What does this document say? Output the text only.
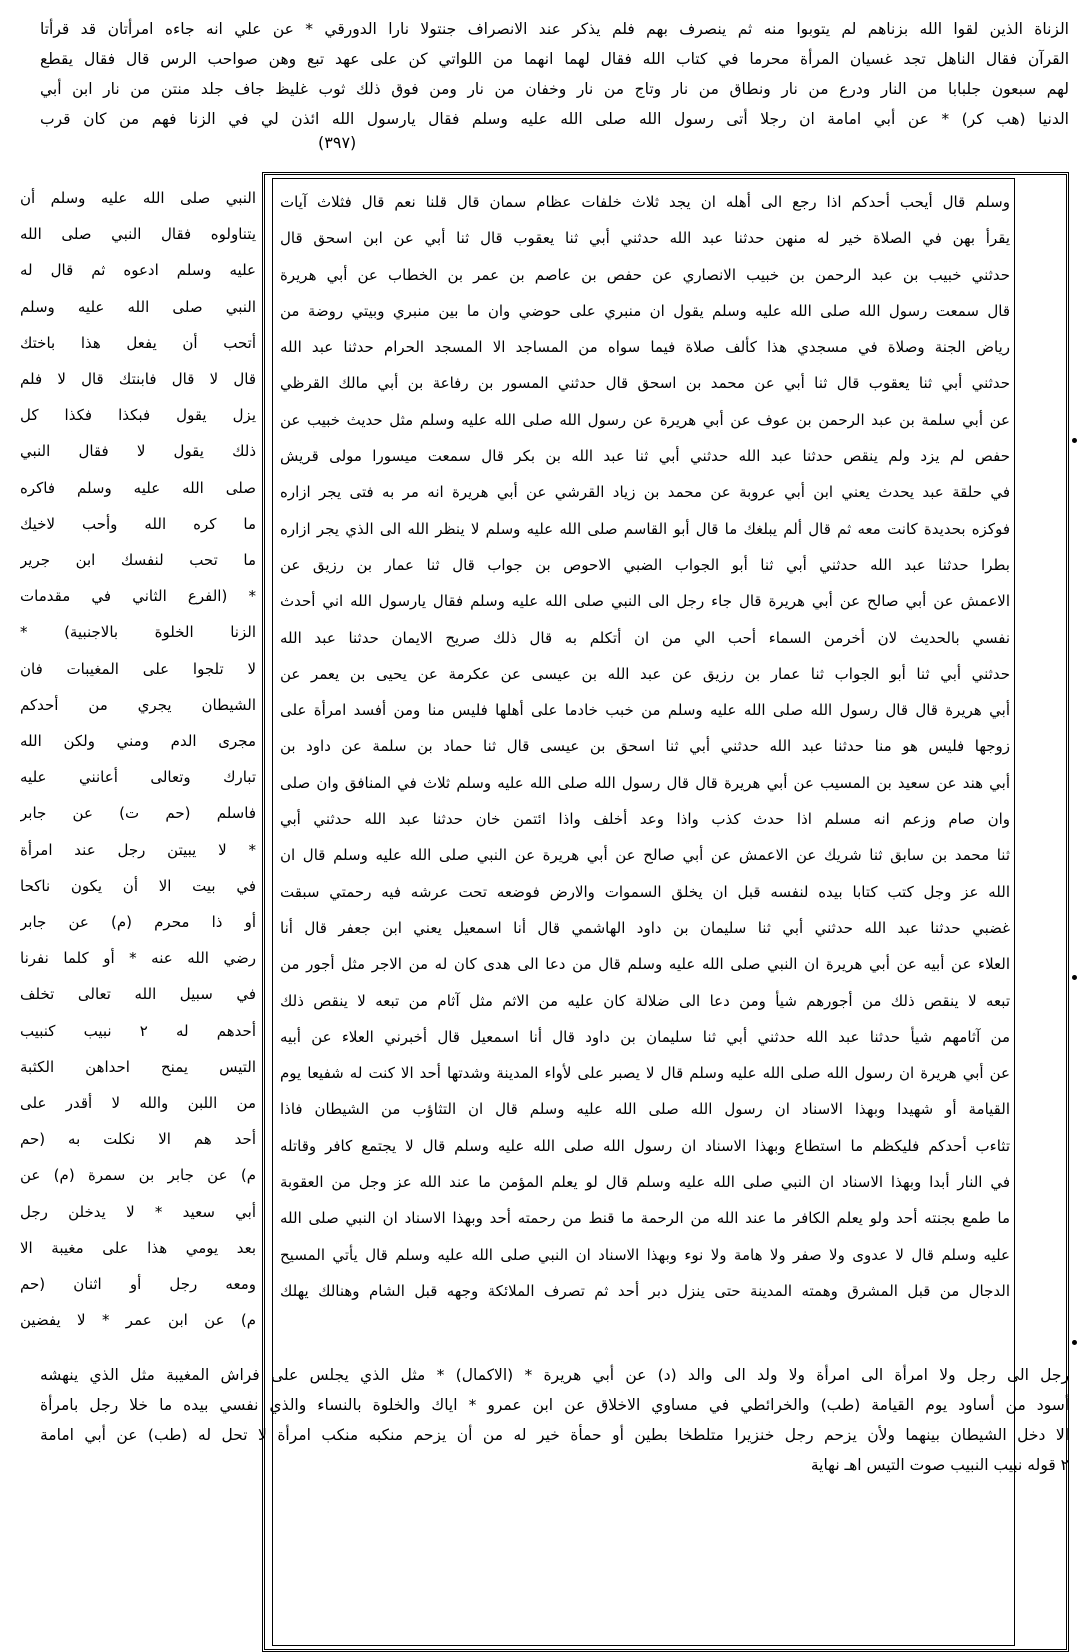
الزناة الذين لقوا الله بزناهم لم يتوبوا منه ثم ينصرف بهم فلم يذكر عند الانصراف جنتولا نارا الدورقي * عن علي انه جاءه امرأتان قد قرأتا

القرآن فقال الناهل تجد غسيان المرأة محرما في كتاب الله فقال لهما انهما من اللواتي كن على عهد تبع وهن صواحب الرس قال فقال يقطع

لهم سبعون جلبابا من النار ودرع من نار ونطاق من نار وتاج من نار وخفان من نار ومن فوق ذلك ثوب غليظ جاف جلد منتن من نار ابن أبي

الدنيا (هب كر) * عن أبي امامة ان رجلا أتى رسول الله صلى الله عليه وسلم فقال يارسول الله ائذن لي في الزنا فهم من كان قرب

(٣٩٧)

وسلم قال أيحب أحدكم اذا رجع الى أهله ان يجد ثلاث خلفات عظام سمان قال قلنا نعم قال فثلاث آيات

يقرأ بهن في الصلاة خير له منهن حدثنا عبد الله حدثني أبي ثنا يعقوب قال ثنا أبي عن ابن اسحق قال

حدثني خبيب بن عبد الرحمن بن خبيب الانصاري عن حفص بن عاصم بن عمر بن الخطاب عن أبي هريرة

قال سمعت رسول الله صلى الله عليه وسلم يقول ان منبري على حوضي وان ما بين منبري وبيتي روضة من

رياض الجنة وصلاة في مسجدي هذا كألف صلاة فيما سواه من المساجد الا المسجد الحرام حدثنا عبد الله

حدثني أبي ثنا يعقوب قال ثنا أبي عن محمد بن اسحق قال حدثني المسور بن رفاعة بن أبي مالك القرظي

عن أبي سلمة بن عبد الرحمن بن عوف عن أبي هريرة عن رسول الله صلى الله عليه وسلم مثل حديث خبيب عن

حفص لم يزد ولم ينقص حدثنا عبد الله حدثني أبي ثنا عبد الله بن بكر قال سمعت ميسورا مولى قريش

في حلقة عبد يحدث يعني ابن أبي عروبة عن محمد بن زياد القرشي عن أبي هريرة انه مر به فتى يجر ازاره

فوكزه بحديدة كانت معه ثم قال ألم يبلغك ما قال أبو القاسم صلى الله عليه وسلم لا ينظر الله الى الذي يجر ازاره

بطرا حدثنا عبد الله حدثني أبي ثنا أبو الجواب الضبي الاحوص بن جواب قال ثنا عمار بن رزيق عن

الاعمش عن أبي صالح عن أبي هريرة قال جاء رجل الى النبي صلى الله عليه وسلم فقال يارسول الله اني أحدث

نفسي بالحديث لان أخرمن السماء أحب الي من ان أتكلم به قال ذلك صريح الايمان حدثنا عبد الله

حدثني أبي ثنا أبو الجواب ثنا عمار بن رزيق عن عبد الله بن عيسى عن عكرمة عن يحيى بن يعمر عن

أبي هريرة قال قال رسول الله صلى الله عليه وسلم من خبب خادما على أهلها فليس منا ومن أفسد امرأة على

زوجها فليس هو منا حدثنا عبد الله حدثني أبي ثنا اسحق بن عيسى قال ثنا حماد بن سلمة عن داود بن

أبي هند عن سعيد بن المسيب عن أبي هريرة قال قال رسول الله صلى الله عليه وسلم ثلاث في المنافق وان صلى

وان صام وزعم انه مسلم اذا حدث كذب واذا وعد أخلف واذا ائتمن خان حدثنا عبد الله حدثني أبي

ثنا محمد بن سابق ثنا شريك عن الاعمش عن أبي صالح عن أبي هريرة عن النبي صلى الله عليه وسلم قال ان

الله عز وجل كتب كتابا بيده لنفسه قبل ان يخلق السموات والارض فوضعه تحت عرشه فيه رحمتي سبقت

غضبي حدثنا عبد الله حدثني أبي ثنا سليمان بن داود الهاشمي قال أنا اسمعيل يعني ابن جعفر قال أنا

العلاء عن أبيه عن أبي هريرة ان النبي صلى الله عليه وسلم قال من دعا الى هدى كان له من الاجر مثل أجور من

تبعه لا ينقص ذلك من أجورهم شيأ ومن دعا الى ضلالة كان عليه من الاثم مثل آثام من تبعه لا ينقص ذلك

من آثامهم شيأ حدثنا عبد الله حدثني أبي ثنا سليمان بن داود قال أنا اسمعيل قال أخبرني العلاء عن أبيه

عن أبي هريرة ان رسول الله صلى الله عليه وسلم قال لا يصبر على لأواء المدينة وشدتها أحد الا كنت له شفيعا يوم

القيامة أو شهيدا وبهذا الاسناد ان رسول الله صلى الله عليه وسلم قال ان التثاؤب من الشيطان فاذا

تثاءب أحدكم فليكظم ما استطاع وبهذا الاسناد ان رسول الله صلى الله عليه وسلم قال لا يجتمع كافر وقاتله

في النار أبدا وبهذا الاسناد ان النبي صلى الله عليه وسلم قال لو يعلم المؤمن ما عند الله عز وجل من العقوبة

ما طمع بجنته أحد ولو يعلم الكافر ما عند الله من الرحمة ما قنط من رحمته أحد وبهذا الاسناد ان النبي صلى الله

عليه وسلم قال لا عدوى ولا صفر ولا هامة ولا نوء وبهذا الاسناد ان النبي صلى الله عليه وسلم قال يأتي المسيح

الدجال من قبل المشرق وهمته المدينة حتى ينزل دبر أحد ثم تصرف الملائكة وجهه قبل الشام وهنالك يهلك

النبي صلى الله عليه وسلم أن

يتناولوه فقال النبي صلى الله

عليه وسلم ادعوه ثم قال له

النبي صلى الله عليه وسلم

أتحب أن يفعل هذا باختك

قال لا قال فابنتك قال لا فلم

يزل يقول فبكذا فكذا كل

ذلك يقول لا فقال النبي

صلى الله عليه وسلم فاكره

ما كره الله وأحب لاخيك

ما تحب لنفسك ابن جرير

* (الفرع الثاني في مقدمات

الزنا الخلوة بالاجنبية) *

لا تلجوا على المغيبات فان

الشيطان يجري من أحدكم

مجرى الدم ومني ولكن الله

تبارك وتعالى أعانني عليه

فاسلم (حم ت) عن جابر

* لا يبيتن رجل عند امرأة

في بيت الا أن يكون ناكحا

أو ذا محرم (م) عن جابر

رضي الله عنه * أو كلما نفرنا

في سبيل الله تعالى تخلف

أحدهم له ٢ نبيب كنبيب

التيس يمنح احداهن الكثبة

من اللبن والله لا أقدر على

أحد هم الا نكلت به (حم

م) عن جابر بن سمرة (م) عن

أبي سعيد * لا يدخلن رجل

بعد يومي هذا على مغيبة الا

ومعه رجل أو اثنان (حم

م) عن ابن عمر * لا يفضين

رجل الى رجل ولا امرأة الى امرأة ولا ولد الى والد (د) عن أبي هريرة * (الاكمال) * مثل الذي يجلس على فراش المغيبة مثل الذي ينهشه

أسود من أساود يوم القيامة (طب) والخرائطي في مساوي الاخلاق عن ابن عمرو * اياك والخلوة بالنساء والذي نفسي بيده ما خلا رجل بامرأة

الا دخل الشيطان بينهما ولأن يزحم رجل خنزيرا متلطخا بطين أو حمأة خير له من أن يزحم منكبه منكب امرأة لا تحل له (طب) عن أبي امامة

٢ قوله نبيب النبيب صوت التيس اهـ نهاية
